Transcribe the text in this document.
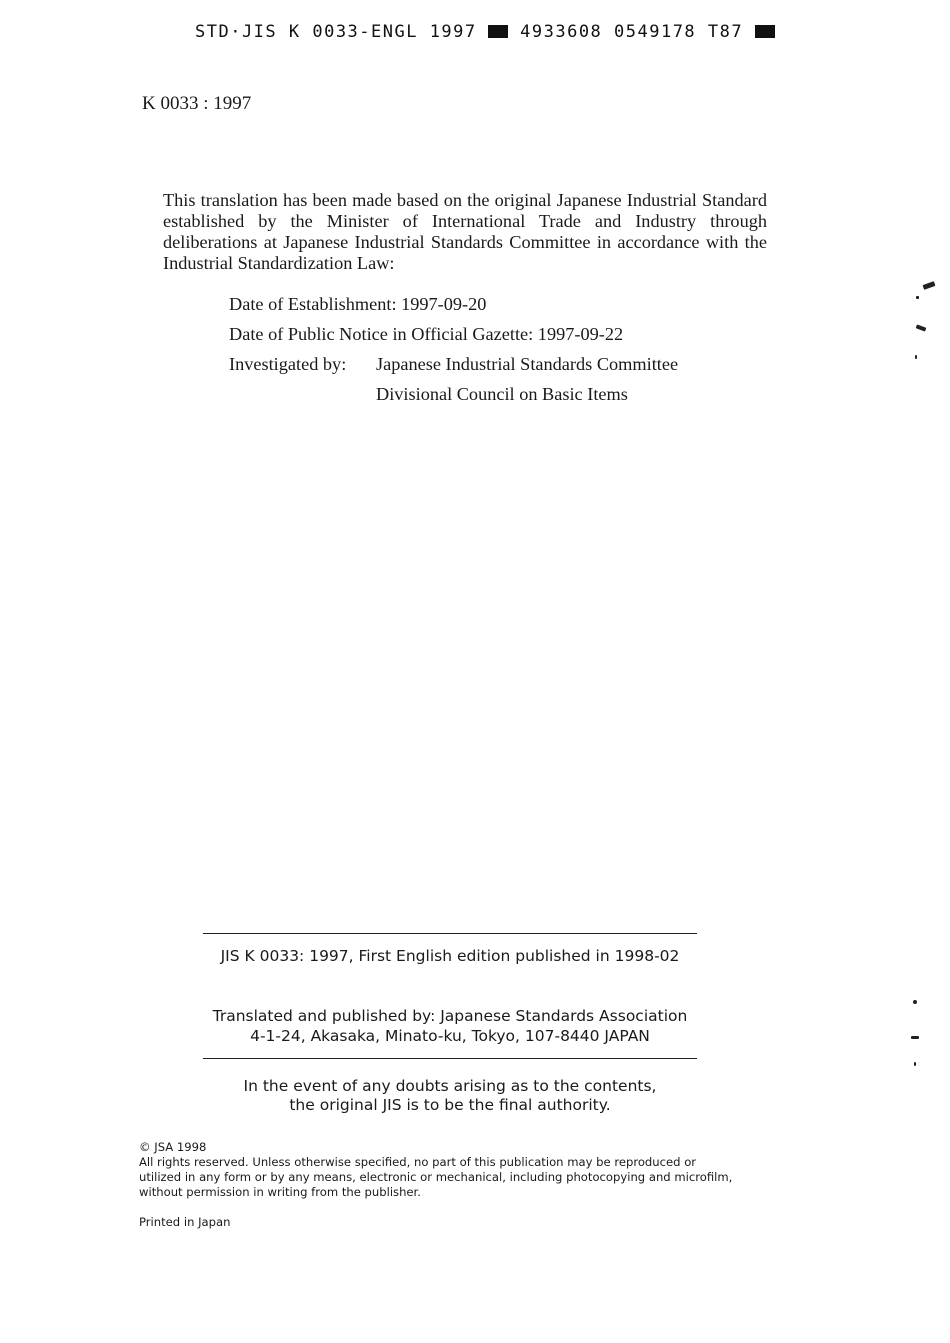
STD·JIS K 0033-ENGL 1997	4933608 0549178 T87
K 0033 : 1997
This translation has been made based on the original Japanese Industrial Standard established by the Minister of International Trade and Industry through deliberations at Japanese Industrial Standards Committee in accordance with the Industrial Standardization Law:
Date of Establishment: 1997-09-20
Date of Public Notice in Official Gazette: 1997-09-22
Investigated by: Japanese Industrial Standards Committee
Divisional Council on Basic Items
JIS K 0033: 1997, First English edition published in 1998-02
Translated and published by: Japanese Standards Association
4-1-24, Akasaka, Minato-ku, Tokyo, 107-8440 JAPAN
In the event of any doubts arising as to the contents,
the original JIS is to be the final authority.
© JSA 1998
All rights reserved. Unless otherwise specified, no part of this publication may be reproduced or
utilized in any form or by any means, electronic or mechanical, including photocopying and microfilm,
without permission in writing from the publisher.
Printed in Japan
